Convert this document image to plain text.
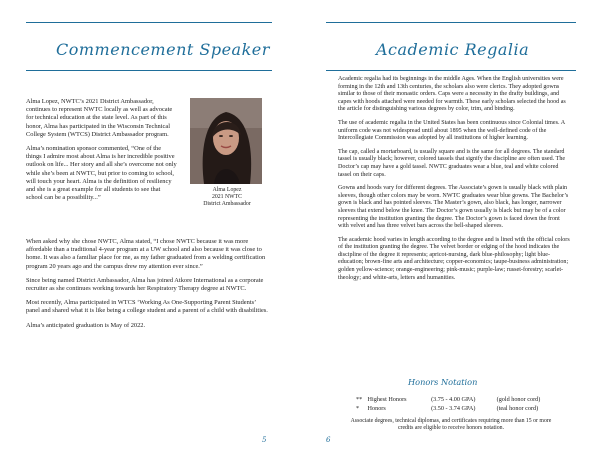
Commencement Speaker

Alma Lopez, NWTC’s 2021 District Ambassador, continues to represent NWTC locally as well as advocate for technical education at the state level. As part of this honor, Alma has participated in the Wisconsin Technical College System (WTCS) District Ambassador program.

Alma’s nomination sponsor commented, “One of the things I admire most about Alma is her incredible positive outlook on life... Her story and all she’s overcome not only while she’s been at NWTC, but prior to coming to school, will touch your heart. Alma is the definition of resiliency and she is a great example for all students to see that school can be a possibility...”

Alma Lopez
2021 NWTC
District Ambassador

When asked why she chose NWTC, Alma stated, “I chose NWTC because it was more affordable than a traditional 4-year program at a UW school and also because it was close to home. It was also a familiar place for me, as my father graduated from a welding certification program 20 years ago and the campus drew my attention ever since.”

Since being named District Ambassador, Alma has joined Atkore International as a corporate recruiter as she continues working towards her Respiratory Therapy degree at NWTC.

Most recently, Alma participated in WTCS ‘Working As One-Supporting Parent Students’ panel and shared what it is like being a college student and a parent of a child with disabilities.

Alma’s anticipated graduation is May of 2022.

5
Academic Regalia

Academic regalia had its beginnings in the middle Ages. When the English universities were forming in the 12th and 13th centuries, the scholars also were clerics. They adopted gowns similar to those of their monastic orders. Caps were a necessity in the drafty buildings, and capes with hoods attached were needed for warmth. These early scholars selected the hood as the article for distinguishing various degrees by color, trim, and binding.

The use of academic regalia in the United States has been continuous since Colonial times. A uniform code was not widespread until about 1895 when the well-defined code of the Intercollegiate Commission was adopted by all institutions of higher learning.

The cap, called a mortarboard, is usually square and is the same for all degrees. The standard tassel is usually black; however, colored tassels that signify the discipline are often used. The Doctor’s cap may have a gold tassel. NWTC graduates wear a blue, teal and white colored tassel on their caps.

Gowns and hoods vary for different degrees. The Associate’s gown is usually black with plain sleeves, though other colors may be worn. NWTC graduates wear blue gowns. The Bachelor’s gown is black and has pointed sleeves. The Master’s gown, also black, has longer, narrower sleeves that extend below the knee. The Doctor’s gown usually is black but may be of a color representing the institution granting the degree. The Doctor’s gown is faced down the front with velvet and has three velvet bars across the bell-shaped sleeves.

The academic hood varies in length according to the degree and is lined with the official colors of the institution granting the degree. The velvet border or edging of the hood indicates the discipline of the degree it represents; apricot-nursing, dark blue-philosophy; light blue-education; brown-fine arts and architecture; copper-economics; taupe-business administration; golden yellow-science; orange-engineering; pink-music; purple-law; russet-forestry; scarlet-theology; and white-arts, letters and humanities.

6
Honors Notation
** Highest Honors	(3.75 - 4.00 GPA)	(gold honor cord)
* Honors	(3.50 - 3.74 GPA)	(teal honor cord)
Associate degrees, technical diplomas, and certificates requiring more than 15 or more credits are eligible to receive honors notation.
